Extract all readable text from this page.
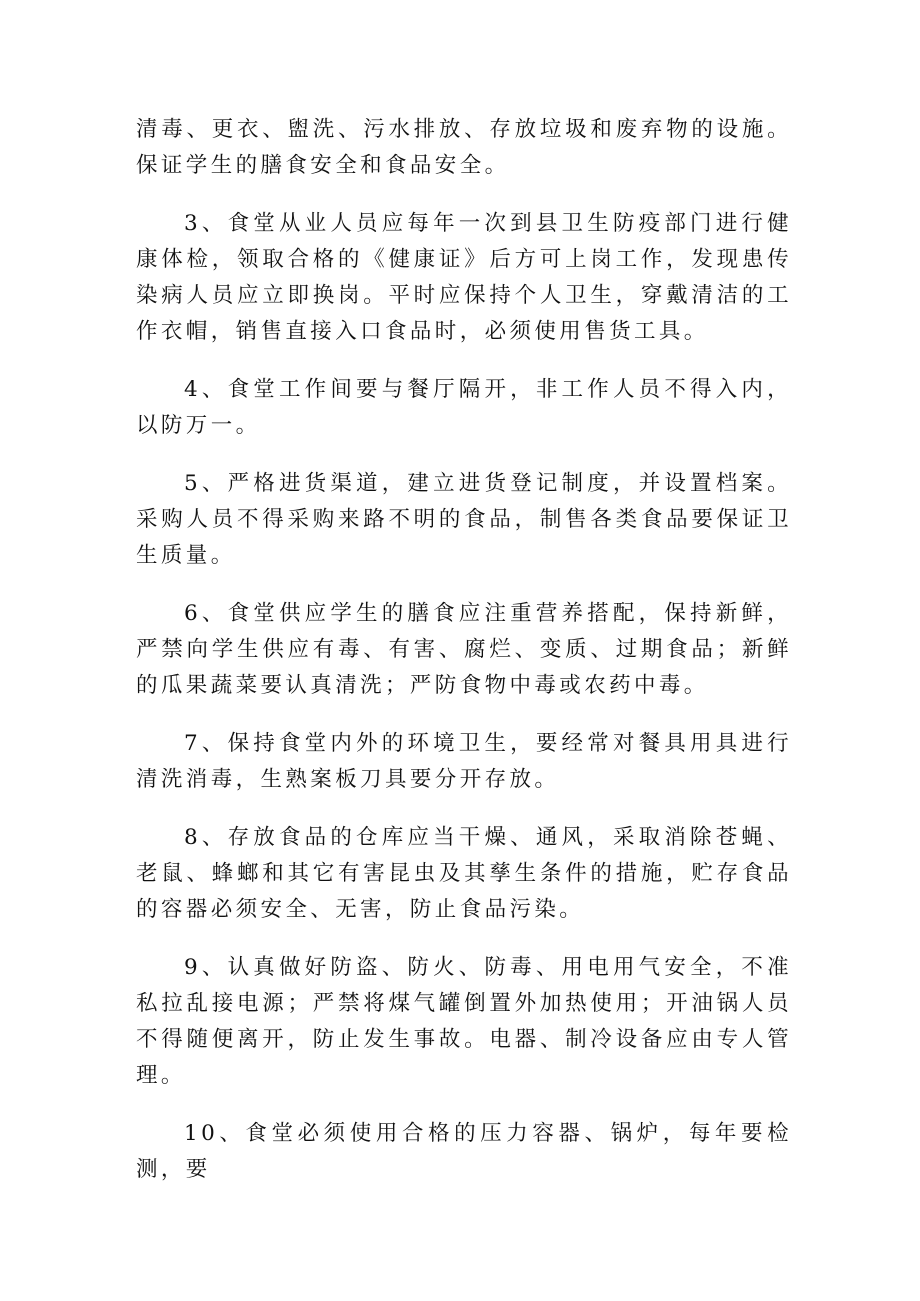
清毒、更衣、盥洗、污水排放、存放垃圾和废弃物的设施。保证学生的膳食安全和食品安全。

3、食堂从业人员应每年一次到县卫生防疫部门进行健康体检，领取合格的《健康证》后方可上岗工作，发现患传染病人员应立即换岗。平时应保持个人卫生，穿戴清洁的工作衣帽，销售直接入口食品时，必须使用售货工具。

4、食堂工作间要与餐厅隔开，非工作人员不得入内，以防万一。

5、严格进货渠道，建立进货登记制度，并设置档案。采购人员不得采购来路不明的食品，制售各类食品要保证卫生质量。

6、食堂供应学生的膳食应注重营养搭配，保持新鲜，严禁向学生供应有毒、有害、腐烂、变质、过期食品；新鲜的瓜果蔬菜要认真清洗；严防食物中毒或农药中毒。

7、保持食堂内外的环境卫生，要经常对餐具用具进行清洗消毒，生熟案板刀具要分开存放。

8、存放食品的仓库应当干燥、通风，采取消除苍蝇、老鼠、蜂螂和其它有害昆虫及其孳生条件的措施，贮存食品的容器必须安全、无害，防止食品污染。

9、认真做好防盗、防火、防毒、用电用气安全，不准私拉乱接电源；严禁将煤气罐倒置外加热使用；开油锅人员不得随便离开，防止发生事故。电器、制冷设备应由专人管理。

10、食堂必须使用合格的压力容器、锅炉，每年要检测，要
